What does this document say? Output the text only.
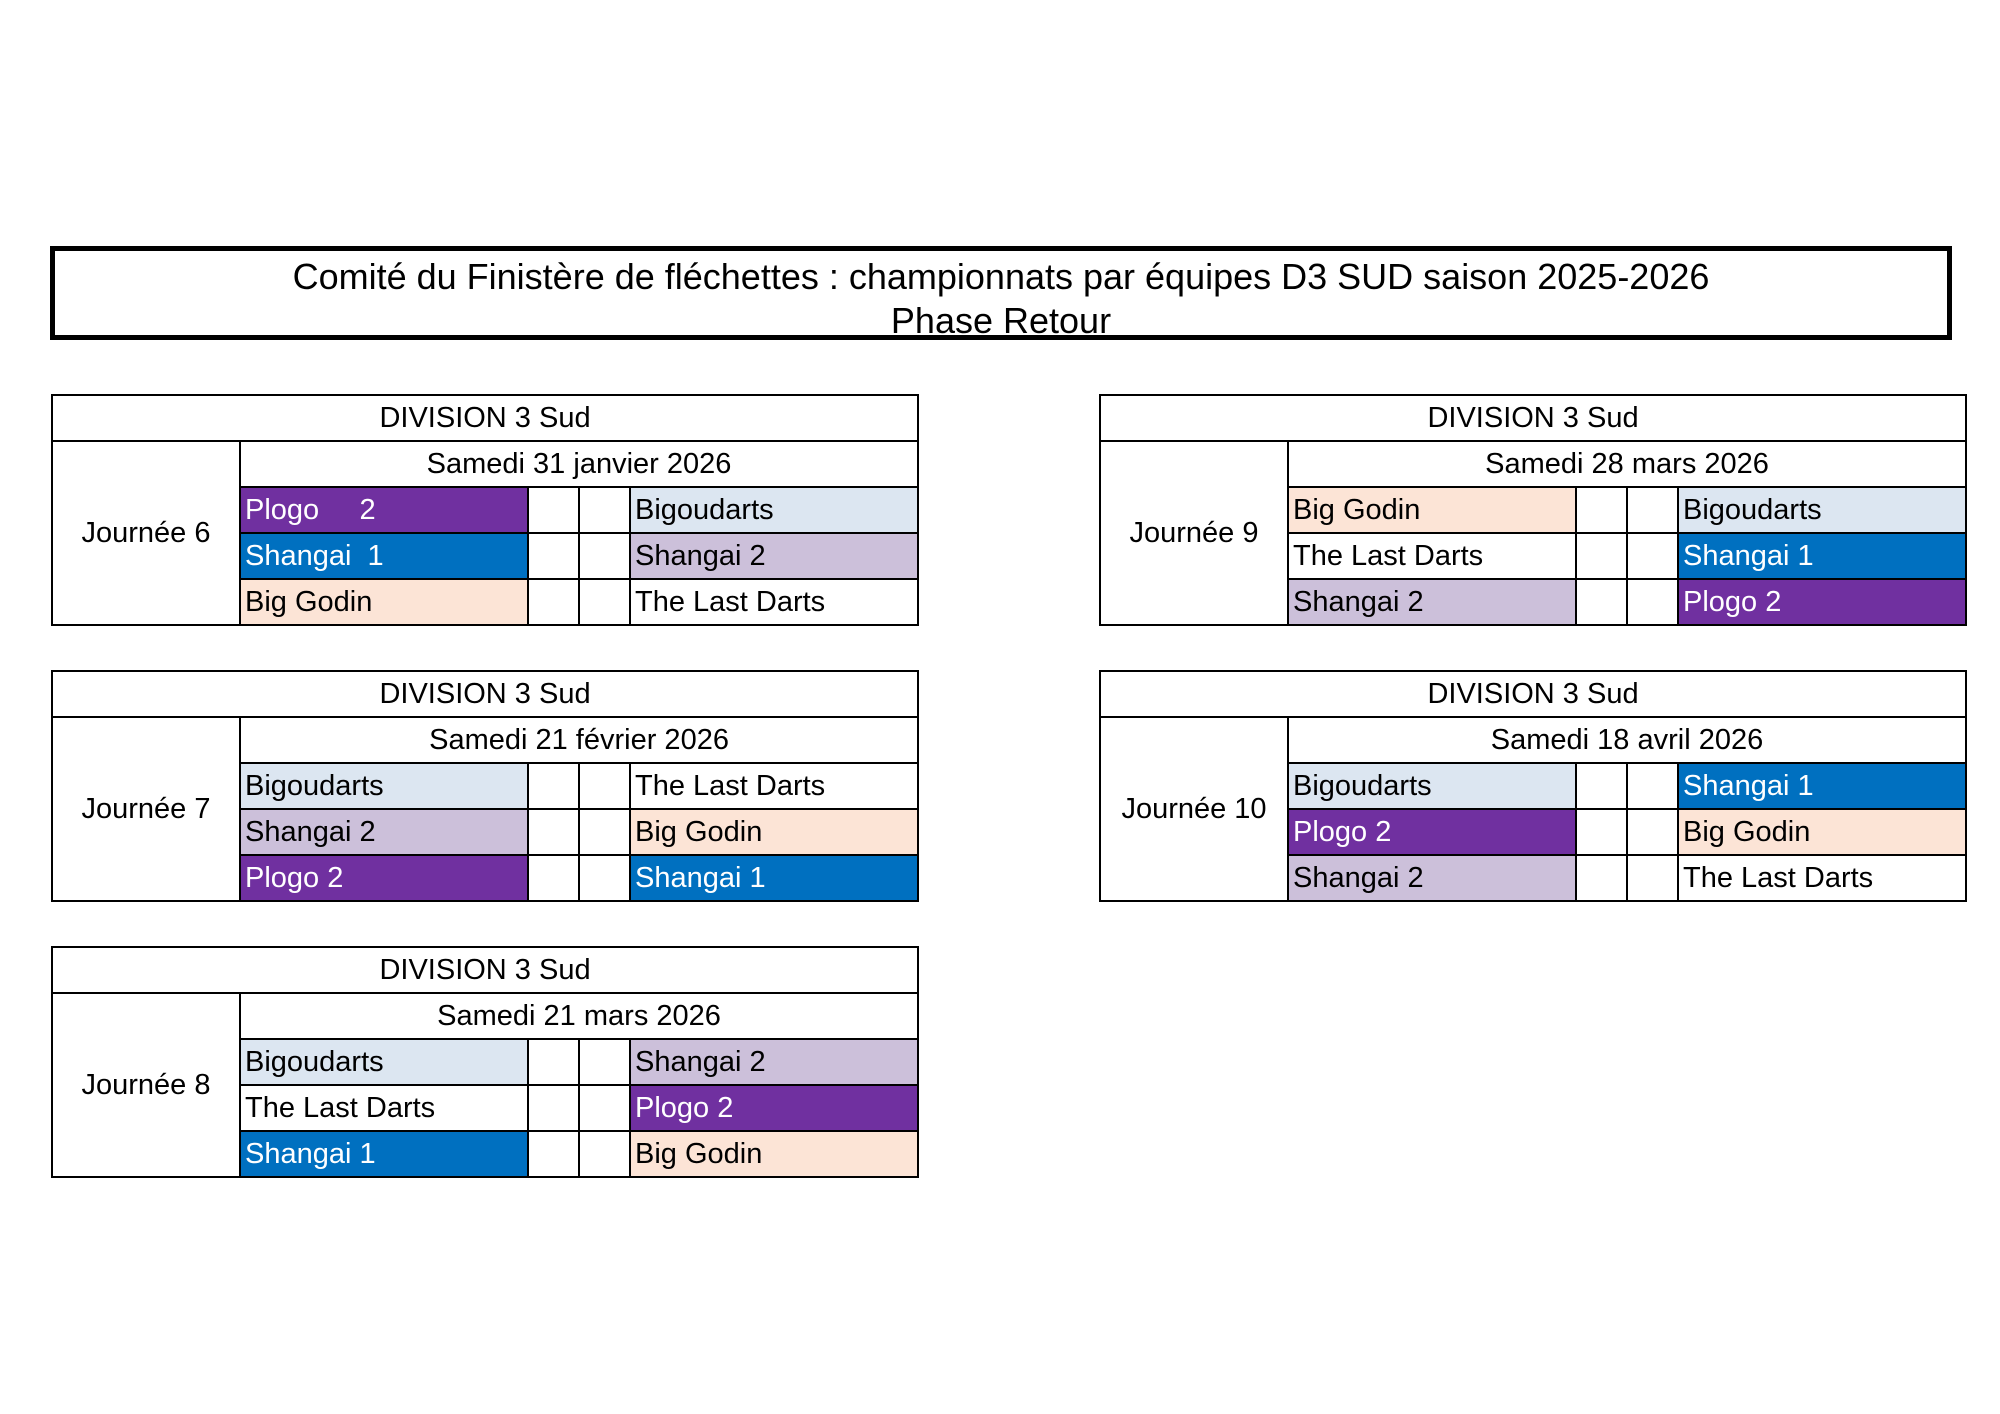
Comité du Finistère de fléchettes : championnats par équipes D3 SUD saison 2025-2026
Phase Retour
DIVISION 3 Sud				
Journée 6	Samedi 31 janvier 2026			
	Plogo     2			Bigoudarts
	Shangai  1			Shangai 2
	Big Godin			The Last Darts
DIVISION 3 Sud				
Journée 7	Samedi 21 février 2026			
	Bigoudarts			The Last Darts
	Shangai 2			Big Godin
	Plogo 2			Shangai 1
DIVISION 3 Sud				
Journée 8	Samedi 21 mars 2026			
	Bigoudarts			Shangai 2
	The Last Darts			Plogo 2
	Shangai 1			Big Godin
DIVISION 3 Sud				
Journée 9	Samedi 28 mars 2026			
	Big Godin			Bigoudarts
	The Last Darts			Shangai 1
	Shangai 2			Plogo 2
DIVISION 3 Sud				
Journée 10	Samedi 18 avril 2026			
	Bigoudarts			Shangai 1
	Plogo 2			Big Godin
	Shangai 2			The Last Darts
